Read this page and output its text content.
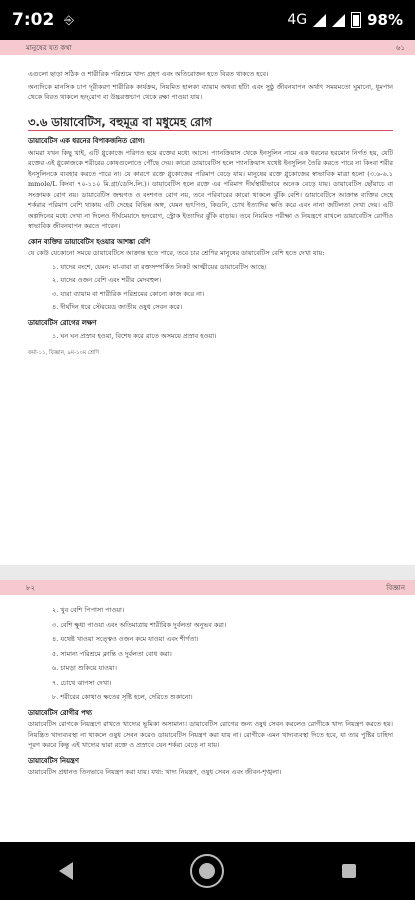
7:02 ⎆	4G	98%
মানুষের যত কথা	৬১

এগুলো ছাড়া সঠিক ও শারীরিক পরিশ্রমে খাদ্য গ্রহণ এবং অতিরোজন হতে বিরত থাকতে হবে।

অন্যদিকে মানসিক চাপ দূরীকরণ শারীরিক কার্যক্রম, নিয়মিত হালকা ব্যায়াম অথবা হাঁটা এবং সুষ্ঠু জীবনযাপন অর্থাৎ সময়মতো ঘুমানো, ধূমপান থেকে বিরত থাকলে হৃদ্‌রোগ বা উচ্চরক্তচাপ থেকে রক্ষা পাওয়া যায়।

৩.৬ ডায়াবেটিস, বহুমূত্র বা মধুমেহ রোগ
ডায়াবেটিস এক ধরনের বিপাকজনিত রোগ।

আমরা যখন কিছু খাই, এটি গ্লুকোজে পরিণত হয়ে রক্তের মধ্যে আসে। প্যানক্রিয়াস থেকে ইনসুলিন নামে এক ধরনের হরমোন নির্গত হয়, যেটি রক্তের এই গ্লুকোজকে শরীরের কোষগুলোতে পৌঁছে দেয়। কারো ডায়াবেটিস হলে প্যানক্রিয়াস যথেষ্ট ইনসুলিন তৈরি করতে পারে না কিংবা শরীর ইনসুলিনকে ব্যবহার করতে পারে না। যে কারণে রক্তে গ্লুকোজের পরিমাণ বেড়ে যায়। মানুষের রক্তে গ্লুকোজের স্বাভাবিক মাত্রা হলো (৩.৬-৬.১ mmole/L কিংবা ৭০-১১০ মি.গ্রা/ডেসি.লি.)। ডায়াবেটিস হলে রক্তে এর পরিমাণ দীর্ঘস্থায়ীভাবে অনেক বেড়ে যায়। ডায়াবেটিস ছোঁয়াচে বা সংক্রামক রোগ নয়। ডায়াবেটিস জন্মগত ও বংশগত রোগ নয়, তবে পরিবারের কারো থাকলে ঝুঁকি বেশি। ডায়াবেটিসে আক্রান্ত ব্যক্তির দেহে শর্করার পরিমাণ বেশি থাকায় এটি দেহের বিভিন্ন অঙ্গ, যেমন হৃৎপিণ্ড, কিডনি, চোখ ইত্যাদির ক্ষতি করে এবং নানা জটিলতা দেখা দেয়। এটি অল্পদিনের মধ্যে দেখা না দিলেও দীর্ঘমেয়াদে হৃদরোগ, স্ট্রোক ইত্যাদির ঝুঁকি বাড়ায়। তবে নিয়মিত পরীক্ষা ও নিয়ন্ত্রণে রাখলে ডায়াবেটিস রোগীও স্বাভাবিক জীবনযাপন করতে পারেন।

কোন ব্যক্তির ডায়াবেটিস হওয়ার আশঙ্কা বেশি

যে কেউ যেকোনো সময়ে ডায়াবেটিসে আক্রান্ত হতে পারে, তবে চার শ্রেণির মানুষের ডায়াবেটিস বেশি হতে দেখা যায়:

১. যাদের বংশে, যেমন: মা-বাবা বা রক্তসম্পর্কিত নিকট আত্মীয়ের ডায়াবেটিস আছে।
২. যাদের ওজন বেশি এবং শরীর মেদবহুল।
৩. যারা ব্যায়াম বা শারীরিক পরিশ্রমের কোনো কাজ করে না।
৪. দীর্ঘদিন ধরে স্টেরয়েড জাতীয় ওষুধ সেবন করে।
ডায়াবেটিস রোগের লক্ষণ
১. ঘন ঘন প্রস্রাব হওয়া, বিশেষ করে রাতে অসময়ে প্রস্রাব হওয়া।
ফর্মা-১১, বিজ্ঞান, ৯ম-১০ম শ্রেণি
৮২	বিজ্ঞান
২. খুব বেশি পিপাসা পাওয়া।
৩. বেশি ক্ষুধা পাওয়া এবং অতিমাত্রায় শারীরিক দুর্বলতা অনুভব করা।
৪. যথেষ্ট খাওয়া সত্ত্বেও ওজন কমে যাওয়া এবং শীর্ণতা।
৫. সামান্য পরিশ্রমে ক্লান্তি ও দুর্বলতা বোধ করা।
৬. চামড়া শুকিয়ে যাওয়া।
৭. চোখে ঝাপসা দেখা।
৮. শরীরের কোথাও ক্ষতের সৃষ্টি হলে, দেরিতে শুকানো।
ডায়াবেটিস রোগীর পথ্য

ডায়াবেটিস রোগকে নিয়ন্ত্রণে রাখতে খাদ্যের ভূমিকা অসামান্য। ডায়াবেটিস রোগের জন্য ওষুধ সেবন করলেও রোগীকে খাদ্য নিয়ন্ত্রণ করতে হয়। নিয়ন্ত্রিত খাদ্যব্যবস্থা না থাকলে ওষুধ সেবন করেও ডায়াবেটিস নিয়ন্ত্রণ করা যায় না। রোগীকে এমন খাদ্যব্যবস্থা দিতে হবে, যা তার পুষ্টির চাহিদা পূরণ করবে কিন্তু এই খাদ্যের দ্বারা রক্তে ও প্রস্রাবে যেন শর্করা বেড়ে না যায়।

ডায়াবেটিস নিয়ন্ত্রণ

ডায়াবেটিস প্রধানত তিনভাবে নিয়ন্ত্রণ করা যায়। যথা: খাদ্য নিয়ন্ত্রণ, ওষুধ সেবন এবং জীবন-শৃঙ্খলা।
